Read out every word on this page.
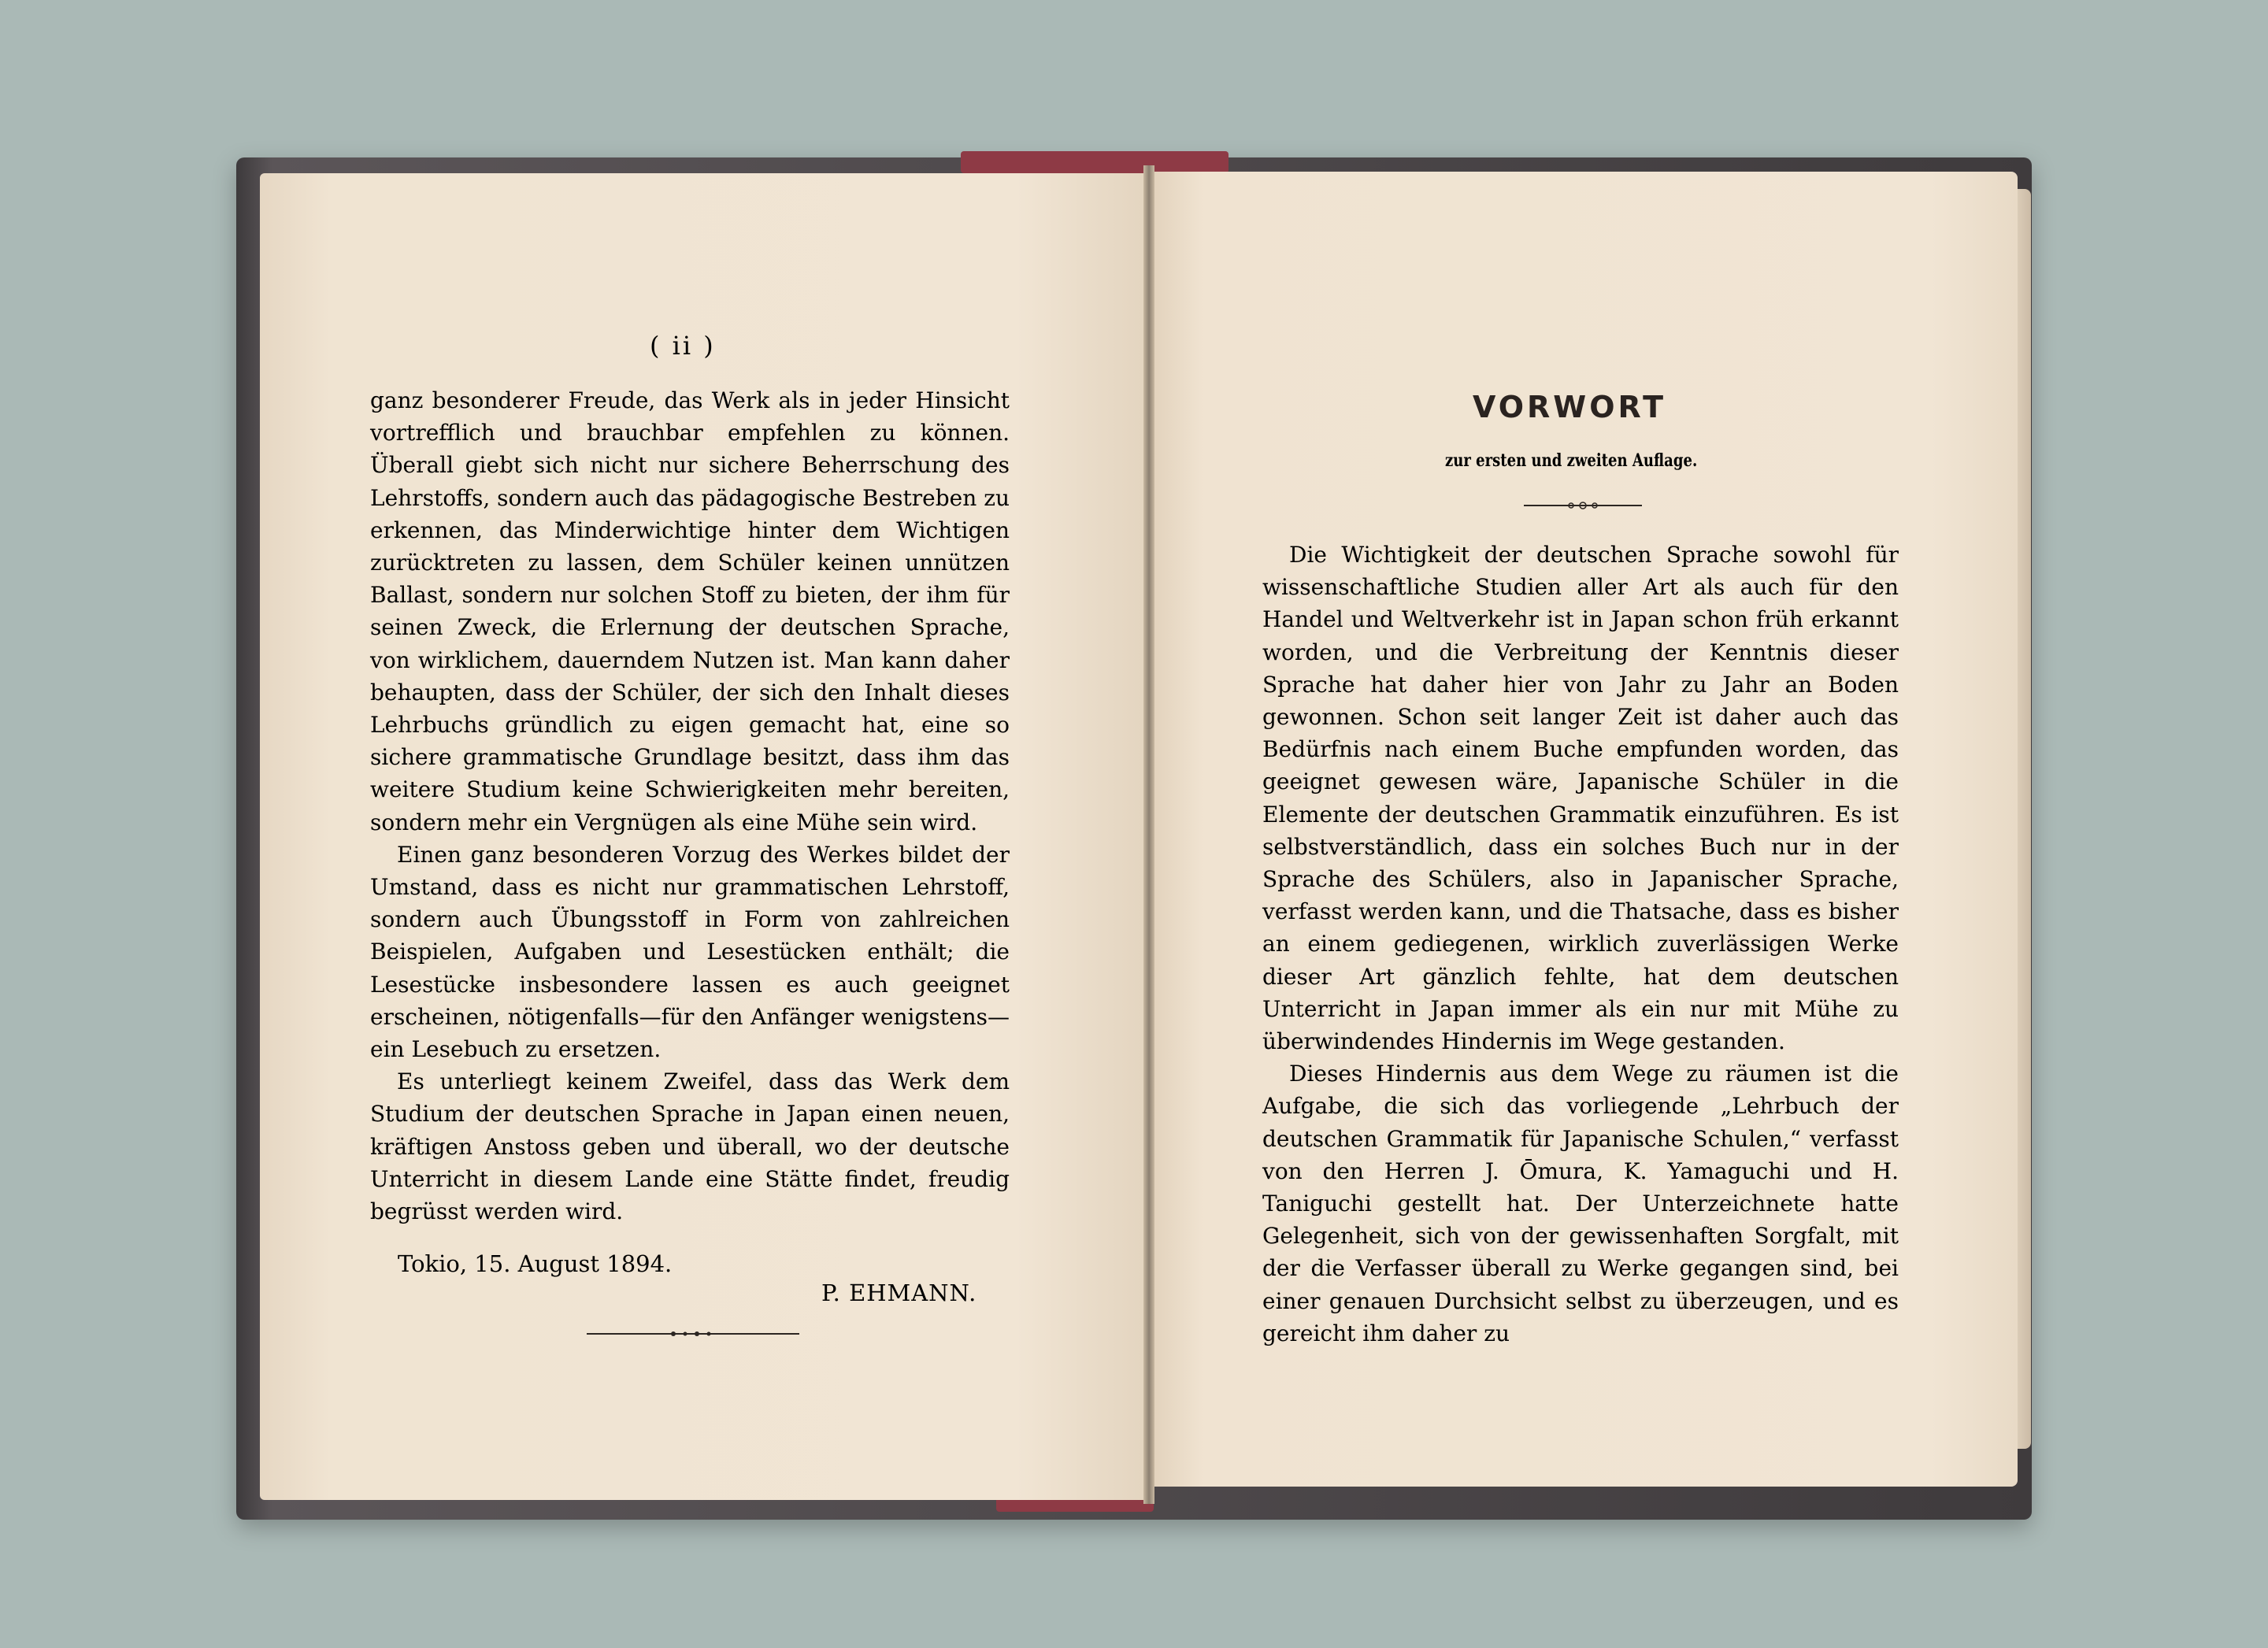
( ii )

ganz besonderer Freude, das Werk als in jeder Hinsicht vortrefflich und brauchbar empfehlen zu können. Überall giebt sich nicht nur sichere Beherrschung des Lehrstoffs, sondern auch das pädagogische Bestreben zu erkennen, das Minderwichtige hinter dem Wichtigen zurücktreten zu lassen, dem Schüler keinen unnützen Ballast, sondern nur solchen Stoff zu bieten, der ihm für seinen Zweck, die Erlernung der deutschen Sprache, von wirklichem, dauerndem Nutzen ist. Man kann daher behaupten, dass der Schüler, der sich den Inhalt dieses Lehrbuchs gründlich zu eigen gemacht hat, eine so sichere grammatische Grundlage besitzt, dass ihm das weitere Studium keine Schwierigkeiten mehr bereiten, sondern mehr ein Vergnügen als eine Mühe sein wird.

Einen ganz besonderen Vorzug des Werkes bildet der Umstand, dass es nicht nur grammatischen Lehrstoff, sondern auch Übungsstoff in Form von zahlreichen Beispielen, Aufgaben und Lesestücken enthält; die Lesestücke insbesondere lassen es auch geeignet erscheinen, nötigenfalls—für den Anfänger wenigstens—ein Lesebuch zu ersetzen.

Es unterliegt keinem Zweifel, dass das Werk dem Studium der deutschen Sprache in Japan einen neuen, kräftigen Anstoss geben und überall, wo der deutsche Unterricht in diesem Lande eine Stätte findet, freudig begrüsst werden wird.

Tokio, 15. August 1894.
P. EHMANN.
VORWORT
zur ersten und zweiten Auflage.

Die Wichtigkeit der deutschen Sprache sowohl für wissenschaftliche Studien aller Art als auch für den Handel und Weltverkehr ist in Japan schon früh erkannt worden, und die Verbreitung der Kenntnis dieser Sprache hat daher hier von Jahr zu Jahr an Boden gewonnen. Schon seit langer Zeit ist daher auch das Bedürfnis nach einem Buche empfunden worden, das geeignet gewesen wäre, Japanische Schüler in die Elemente der deutschen Grammatik einzuführen. Es ist selbstverständlich, dass ein solches Buch nur in der Sprache des Schülers, also in Japanischer Sprache, verfasst werden kann, und die Thatsache, dass es bisher an einem gediegenen, wirklich zuverlässigen Werke dieser Art gänzlich fehlte, hat dem deutschen Unterricht in Japan immer als ein nur mit Mühe zu überwindendes Hindernis im Wege gestanden.

Dieses Hindernis aus dem Wege zu räumen ist die Aufgabe, die sich das vorliegende „Lehrbuch der deutschen Grammatik für Japanische Schulen,“ verfasst von den Herren J. Ōmura, K. Yamaguchi und H. Taniguchi gestellt hat. Der Unterzeichnete hatte Gelegenheit, sich von der gewissenhaften Sorgfalt, mit der die Verfasser überall zu Werke gegangen sind, bei einer genauen Durchsicht selbst zu überzeugen, und es gereicht ihm daher zu
